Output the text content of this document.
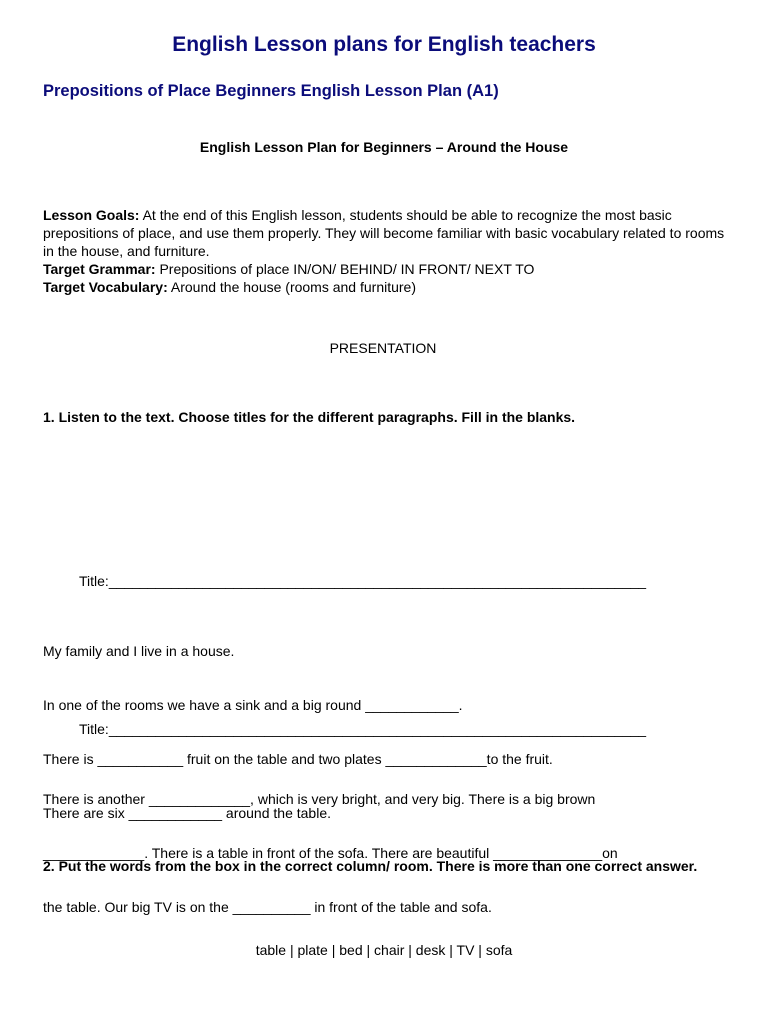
English Lesson plans for English teachers
Prepositions of Place Beginners English Lesson Plan (A1)
English Lesson Plan for Beginners – Around the House
Lesson Goals: At the end of this English lesson, students should be able to recognize the most basic prepositions of place, and use them properly. They will become familiar with basic vocabulary related to rooms in the house, and furniture.
Target Grammar: Prepositions of place IN/ON/ BEHIND/ IN FRONT/ NEXT TO
Target Vocabulary: Around the house (rooms and furniture)
PRESENTATION
1. Listen to the text. Choose titles for the different paragraphs. Fill in the blanks.
Title:_____________________________________________________________________

My family and I live in a house.

In one of the rooms we have a sink and a big round ____________.

There is ___________ fruit on the table and two plates _____________to the fruit.

There are six ____________ around the table.

Title:_____________________________________________________________________

There is another _____________, which is very bright, and very big. There is a big brown

_____________. There is a table in front of the sofa. There are beautiful ______________on

the table. Our big TV is on the __________ in front of the table and sofa.

2. Put the words from the box in the correct column/ room. There is more than one correct answer.
table | plate | bed | chair | desk | TV | sofa
